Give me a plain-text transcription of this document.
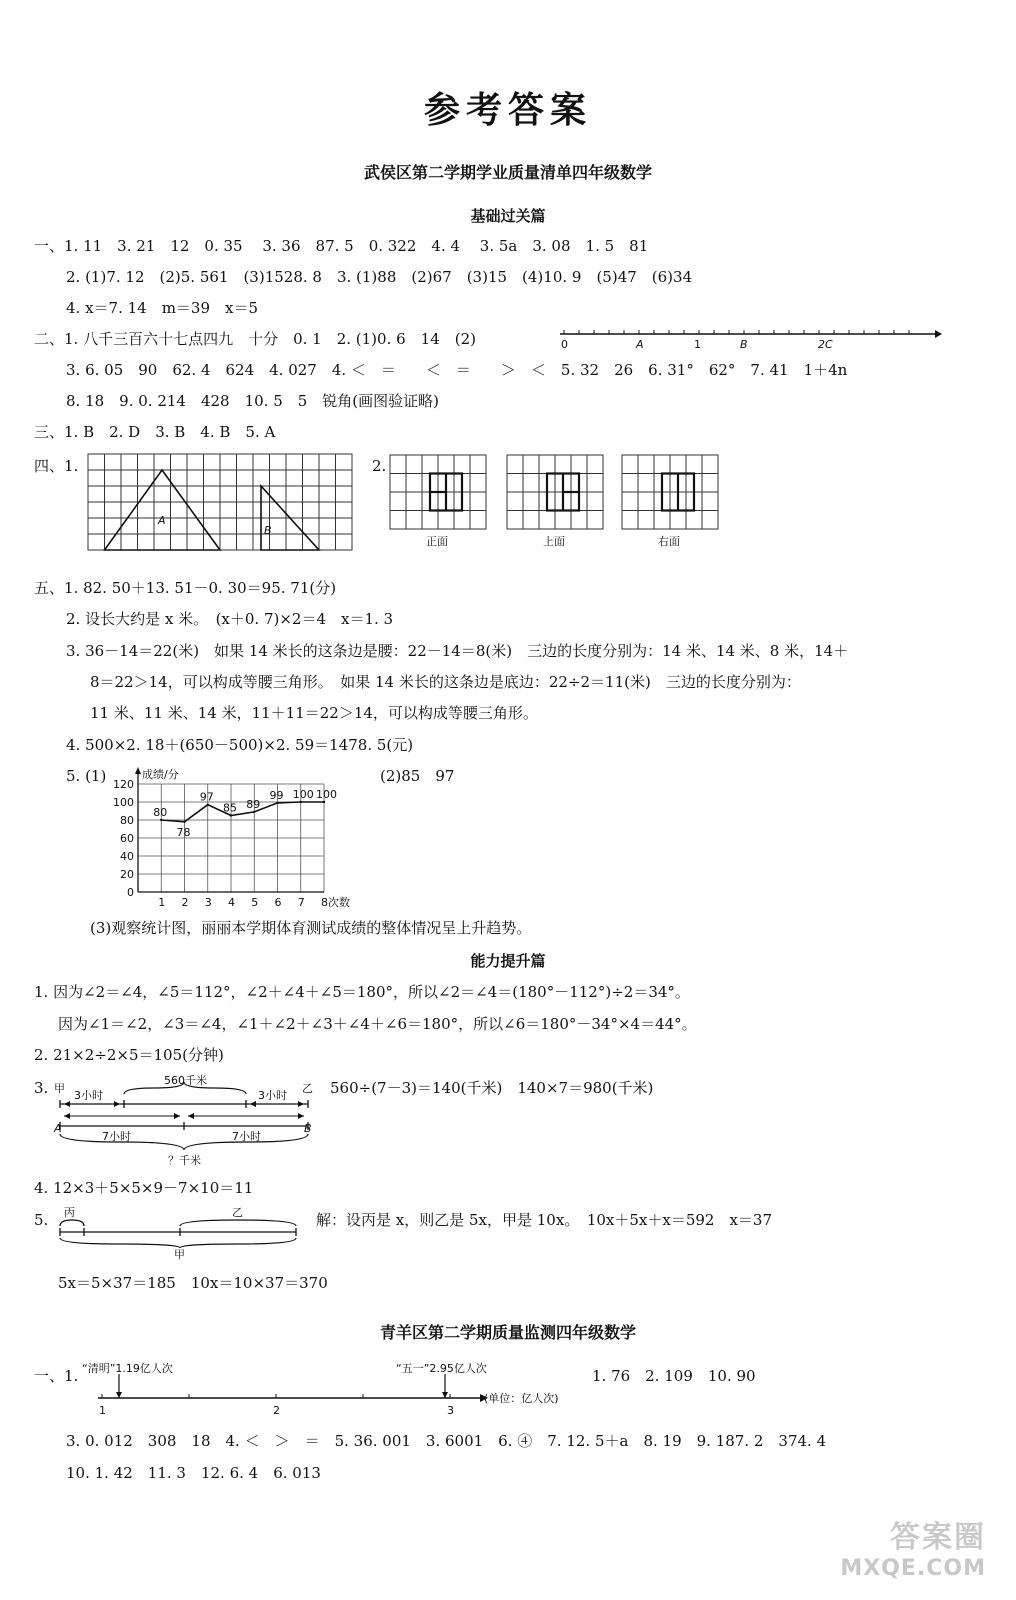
参考答案
武侯区第二学期学业质量清单四年级数学
基础过关篇
一、1. 11　3. 21　12　0. 35　 3. 36　87. 5　0. 322　4. 4　 3. 5a　3. 08　1. 5　81
2. (1)7. 12　(2)5. 561　(3)1528. 8　3. (1)88　(2)67　(3)15　(4)10. 9　(5)47　(6)34
4. x＝7. 14　m＝39　x＝5
二、1. 八千三百六十七点四九　十分　0. 1　2. (1)0. 6　14　(2)	0	A	1	B	2C
3. 6. 05　90　62. 4　624　4. 027　4. ＜　＝　　＜　＝　　＞　＜　5. 32　26　6. 31°　62°　7. 41　1＋4n
8. 18　9. 0. 214　428　10. 5　5　锐角(画图验证略)
三、1. B　2. D　3. B　4. B　5. A
四、1.
A
B
2.
正面	上面	右面
五、1. 82. 50＋13. 51－0. 30＝95. 71(分)
2. 设长大约是 x 米。　(x＋0. 7)×2＝4　x＝1. 3
3. 36－14＝22(米)　如果 14 米长的这条边是腰：22－14＝8(米)　三边的长度分别为：14 米、14 米、8 米，14＋
8＝22＞14，可以构成等腰三角形。　如果 14 米长的这条边是底边：22÷2＝11(米)　三边的长度分别为：
11 米、11 米、14 米，11＋11＝22＞14，可以构成等腰三角形。
4. 500×2. 18＋(650－500)×2. 59＝1478. 5(元)
5. (1)	(2)85　97
0
20
40
60
80
100
120
1 2 3 4 5 6 7 8次数
成绩/分
80
78
97
85 89
99 100 100
(3)观察统计图，丽丽本学期体育测试成绩的整体情况呈上升趋势。
能力提升篇
1. 因为∠2＝∠4，∠5＝112°，∠2＋∠4＋∠5＝180°，所以∠2＝∠4＝(180°－112°)÷2＝34°。
因为∠1＝∠2，∠3＝∠4，∠1＋∠2＋∠3＋∠4＋∠6＝180°，所以∠6＝180°－34°×4＝44°。
2. 21×2÷2×5＝105(分钟)
3. 甲
3小时
560千米
3小时
乙
A
7小时	7小时
B
？千米
560÷(7－3)＝140(千米)　140×7＝980(千米)
4. 12×3＋5×5×9－7×10＝11
5. 丙	乙
甲
解：设丙是 x，则乙是 5x，甲是 10x。　10x＋5x＋x＝592　x＝37
5x＝5×37＝185　10x＝10×37＝370
青羊区第二学期质量监测四年级数学
一、1. “清明”1.19亿人次	“五一”2.95亿人次
1	2	3
(单位：亿人次)
1. 76　2. 109　10. 90
3. 0. 012　308　18　4. ＜　＞　＝　5. 36. 001　3. 6001　6. ④　7. 12. 5＋a　8. 19　9. 187. 2　374. 4
10. 1. 42　11. 3　12. 6. 4　6. 013
答案圈
MXQE.COM
